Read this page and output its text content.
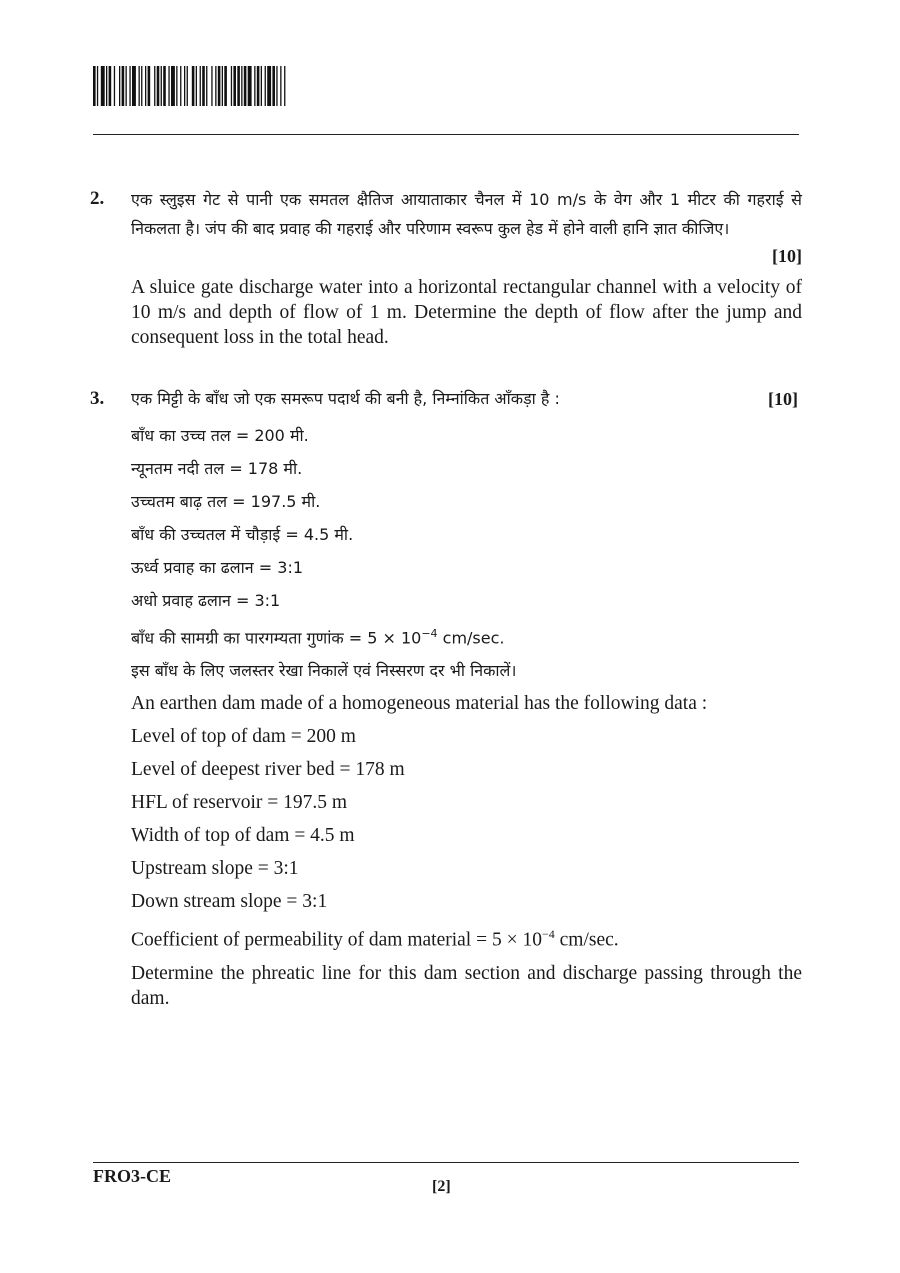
2. एक स्लुइस गेट से पानी एक समतल क्षैतिज आयाताकार चैनल में 10 m/s के वेग और 1 मीटर की गहराई से निकलता है। जंप की बाद प्रवाह की गहराई और परिणाम स्वरूप कुल हेड में होने वाली हानि ज्ञात कीजिए।
[10]
A sluice gate discharge water into a horizontal rectangular channel with a velocity of 10 m/s and depth of flow of 1 m. Determine the depth of flow after the jump and consequent loss in the total head.
3.	[10]
एक मिट्टी के बाँध जो एक समरूप पदार्थ की बनी है, निम्नांकित आँकड़ा है :
बाँध का उच्च तल = 200 मी.
न्यूनतम नदी तल = 178 मी.
उच्चतम बाढ़ तल = 197.5 मी.
बाँध की उच्चतल में चौड़ाई = 4.5 मी.
ऊर्ध्व प्रवाह का ढलान = 3:1
अधो प्रवाह ढलान = 3:1
बाँध की सामग्री का पारगम्यता गुणांक = $5 \times 10^{-4}$ cm/sec.
इस बाँध के लिए जलस्तर रेखा निकालें एवं निस्सरण दर भी निकालें।
An earthen dam made of a homogeneous material has the following data :
Level of top of dam = 200 m
Level of deepest river bed = 178 m
HFL of reservoir = 197.5 m
Width of top of dam = 4.5 m
Upstream slope = 3:1
Down stream slope = 3:1
Coefficient of permeability of dam material = $5 \times 10^{-4}$ cm/sec.
Determine the phreatic line for this dam section and discharge passing through the dam.
FRO3-CE
[2]
